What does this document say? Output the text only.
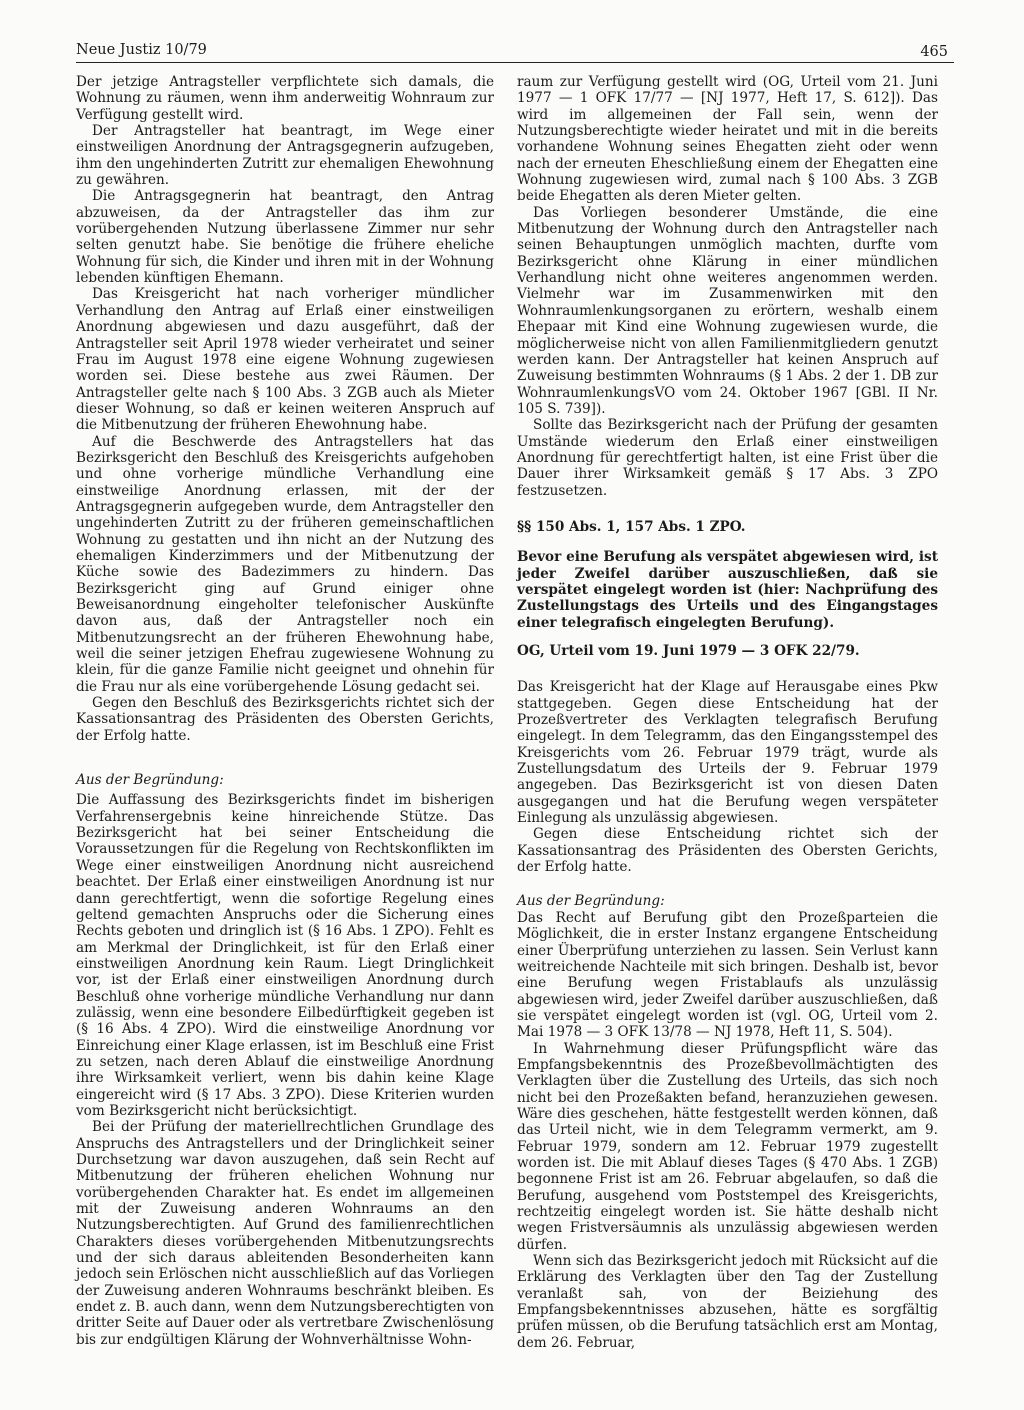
Neue Justiz 10/79	465

Der jetzige Antragsteller verpflichtete sich damals, die Wohnung zu räumen, wenn ihm anderweitig Wohnraum zur Verfügung gestellt wird.

Der Antragsteller hat beantragt, im Wege einer einstweiligen Anordnung der Antragsgegnerin aufzugeben, ihm den ungehinderten Zutritt zur ehemaligen Ehewohnung zu gewähren.

Die Antragsgegnerin hat beantragt, den Antrag abzuweisen, da der Antragsteller das ihm zur vorübergehenden Nutzung überlassene Zimmer nur sehr selten genutzt habe. Sie benötige die frühere eheliche Wohnung für sich, die Kinder und ihren mit in der Wohnung lebenden künftigen Ehemann.

Das Kreisgericht hat nach vorheriger mündlicher Verhandlung den Antrag auf Erlaß einer einstweiligen Anordnung abgewiesen und dazu ausgeführt, daß der Antragsteller seit April 1978 wieder verheiratet und seiner Frau im August 1978 eine eigene Wohnung zugewiesen worden sei. Diese bestehe aus zwei Räumen. Der Antragsteller gelte nach § 100 Abs. 3 ZGB auch als Mieter dieser Wohnung, so daß er keinen weiteren Anspruch auf die Mitbenutzung der früheren Ehewohnung habe.

Auf die Beschwerde des Antragstellers hat das Bezirksgericht den Beschluß des Kreisgerichts aufgehoben und ohne vorherige mündliche Verhandlung eine einstweilige Anordnung erlassen, mit der der Antragsgegnerin aufgegeben wurde, dem Antragsteller den ungehinderten Zutritt zu der früheren gemeinschaftlichen Wohnung zu gestatten und ihn nicht an der Nutzung des ehemaligen Kinderzimmers und der Mitbenutzung der Küche sowie des Badezimmers zu hindern. Das Bezirksgericht ging auf Grund einiger ohne Beweisanordnung eingeholter telefonischer Auskünfte davon aus, daß der Antragsteller noch ein Mitbenutzungsrecht an der früheren Ehewohnung habe, weil die seiner jetzigen Ehefrau zugewiesene Wohnung zu klein, für die ganze Familie nicht geeignet und ohnehin für die Frau nur als eine vorübergehende Lösung gedacht sei.

Gegen den Beschluß des Bezirksgerichts richtet sich der Kassationsantrag des Präsidenten des Obersten Gerichts, der Erfolg hatte.

Aus der Begründung:

Die Auffassung des Bezirksgerichts findet im bisherigen Verfahrensergebnis keine hinreichende Stütze. Das Bezirksgericht hat bei seiner Entscheidung die Voraussetzungen für die Regelung von Rechtskonflikten im Wege einer einstweiligen Anordnung nicht ausreichend beachtet. Der Erlaß einer einstweiligen Anordnung ist nur dann gerechtfertigt, wenn die sofortige Regelung eines geltend gemachten Anspruchs oder die Sicherung eines Rechts geboten und dringlich ist (§ 16 Abs. 1 ZPO). Fehlt es am Merkmal der Dringlichkeit, ist für den Erlaß einer einstweiligen Anordnung kein Raum. Liegt Dringlichkeit vor, ist der Erlaß einer einstweiligen Anordnung durch Beschluß ohne vorherige mündliche Verhandlung nur dann zulässig, wenn eine besondere Eilbedürftigkeit gegeben ist (§ 16 Abs. 4 ZPO). Wird die einstweilige Anordnung vor Einreichung einer Klage erlassen, ist im Beschluß eine Frist zu setzen, nach deren Ablauf die einstweilige Anordnung ihre Wirksamkeit verliert, wenn bis dahin keine Klage eingereicht wird (§ 17 Abs. 3 ZPO). Diese Kriterien wurden vom Bezirksgericht nicht berücksichtigt.

Bei der Prüfung der materiellrechtlichen Grundlage des Anspruchs des Antragstellers und der Dringlichkeit seiner Durchsetzung war davon auszugehen, daß sein Recht auf Mitbenutzung der früheren ehelichen Wohnung nur vorübergehenden Charakter hat. Es endet im allgemeinen mit der Zuweisung anderen Wohnraums an den Nutzungsberechtigten. Auf Grund des familienrechtlichen Charakters dieses vorübergehenden Mitbenutzungsrechts und der sich daraus ableitenden Besonderheiten kann jedoch sein Erlöschen nicht ausschließlich auf das Vorliegen der Zuweisung anderen Wohnraums beschränkt bleiben. Es endet z. B. auch dann, wenn dem Nutzungsberechtigten von dritter Seite auf Dauer oder als vertretbare Zwischenlösung bis zur endgültigen Klärung der Wohnverhältnisse Wohn-

raum zur Verfügung gestellt wird (OG, Urteil vom 21. Juni 1977 — 1 OFK 17/77 — [NJ 1977, Heft 17, S. 612]). Das wird im allgemeinen der Fall sein, wenn der Nutzungsberechtigte wieder heiratet und mit in die bereits vorhandene Wohnung seines Ehegatten zieht oder wenn nach der erneuten Eheschließung einem der Ehegatten eine Wohnung zugewiesen wird, zumal nach § 100 Abs. 3 ZGB beide Ehegatten als deren Mieter gelten.

Das Vorliegen besonderer Umstände, die eine Mitbenutzung der Wohnung durch den Antragsteller nach seinen Behauptungen unmöglich machten, durfte vom Bezirksgericht ohne Klärung in einer mündlichen Verhandlung nicht ohne weiteres angenommen werden. Vielmehr war im Zusammenwirken mit den Wohnraumlenkungsorganen zu erörtern, weshalb einem Ehepaar mit Kind eine Wohnung zugewiesen wurde, die möglicherweise nicht von allen Familienmitgliedern genutzt werden kann. Der Antragsteller hat keinen Anspruch auf Zuweisung bestimmten Wohnraums (§ 1 Abs. 2 der 1. DB zur WohnraumlenkungsVO vom 24. Oktober 1967 [GBl. II Nr. 105 S. 739]).

Sollte das Bezirksgericht nach der Prüfung der gesamten Umstände wiederum den Erlaß einer einstweiligen Anordnung für gerechtfertigt halten, ist eine Frist über die Dauer ihrer Wirksamkeit gemäß § 17 Abs. 3 ZPO festzusetzen.

§§ 150 Abs. 1, 157 Abs. 1 ZPO.

Bevor eine Berufung als verspätet abgewiesen wird, ist jeder Zweifel darüber auszuschließen, daß sie verspätet eingelegt worden ist (hier: Nachprüfung des Zustellungstags des Urteils und des Eingangstages einer telegrafisch eingelegten Berufung).

OG, Urteil vom 19. Juni 1979 — 3 OFK 22/79.

Das Kreisgericht hat der Klage auf Herausgabe eines Pkw stattgegeben. Gegen diese Entscheidung hat der Prozeßvertreter des Verklagten telegrafisch Berufung eingelegt. In dem Telegramm, das den Eingangsstempel des Kreisgerichts vom 26. Februar 1979 trägt, wurde als Zustellungsdatum des Urteils der 9. Februar 1979 angegeben. Das Bezirksgericht ist von diesen Daten ausgegangen und hat die Berufung wegen verspäteter Einlegung als unzulässig abgewiesen.

Gegen diese Entscheidung richtet sich der Kassationsantrag des Präsidenten des Obersten Gerichts, der Erfolg hatte.

Aus der Begründung:

Das Recht auf Berufung gibt den Prozeßparteien die Möglichkeit, die in erster Instanz ergangene Entscheidung einer Überprüfung unterziehen zu lassen. Sein Verlust kann weitreichende Nachteile mit sich bringen. Deshalb ist, bevor eine Berufung wegen Fristablaufs als unzulässig abgewiesen wird, jeder Zweifel darüber auszuschließen, daß sie verspätet eingelegt worden ist (vgl. OG, Urteil vom 2. Mai 1978 — 3 OFK 13/78 — NJ 1978, Heft 11, S. 504).

In Wahrnehmung dieser Prüfungspflicht wäre das Empfangsbekenntnis des Prozeßbevollmächtigten des Verklagten über die Zustellung des Urteils, das sich noch nicht bei den Prozeßakten befand, heranzuziehen gewesen. Wäre dies geschehen, hätte festgestellt werden können, daß das Urteil nicht, wie in dem Telegramm vermerkt, am 9. Februar 1979, sondern am 12. Februar 1979 zugestellt worden ist. Die mit Ablauf dieses Tages (§ 470 Abs. 1 ZGB) begonnene Frist ist am 26. Februar abgelaufen, so daß die Berufung, ausgehend vom Poststempel des Kreisgerichts, rechtzeitig eingelegt worden ist. Sie hätte deshalb nicht wegen Fristversäumnis als unzulässig abgewiesen werden dürfen.

Wenn sich das Bezirksgericht jedoch mit Rücksicht auf die Erklärung des Verklagten über den Tag der Zustellung veranlaßt sah, von der Beiziehung des Empfangsbekenntnisses abzusehen, hätte es sorgfältig prüfen müssen, ob die Berufung tatsächlich erst am Montag, dem 26. Februar,
